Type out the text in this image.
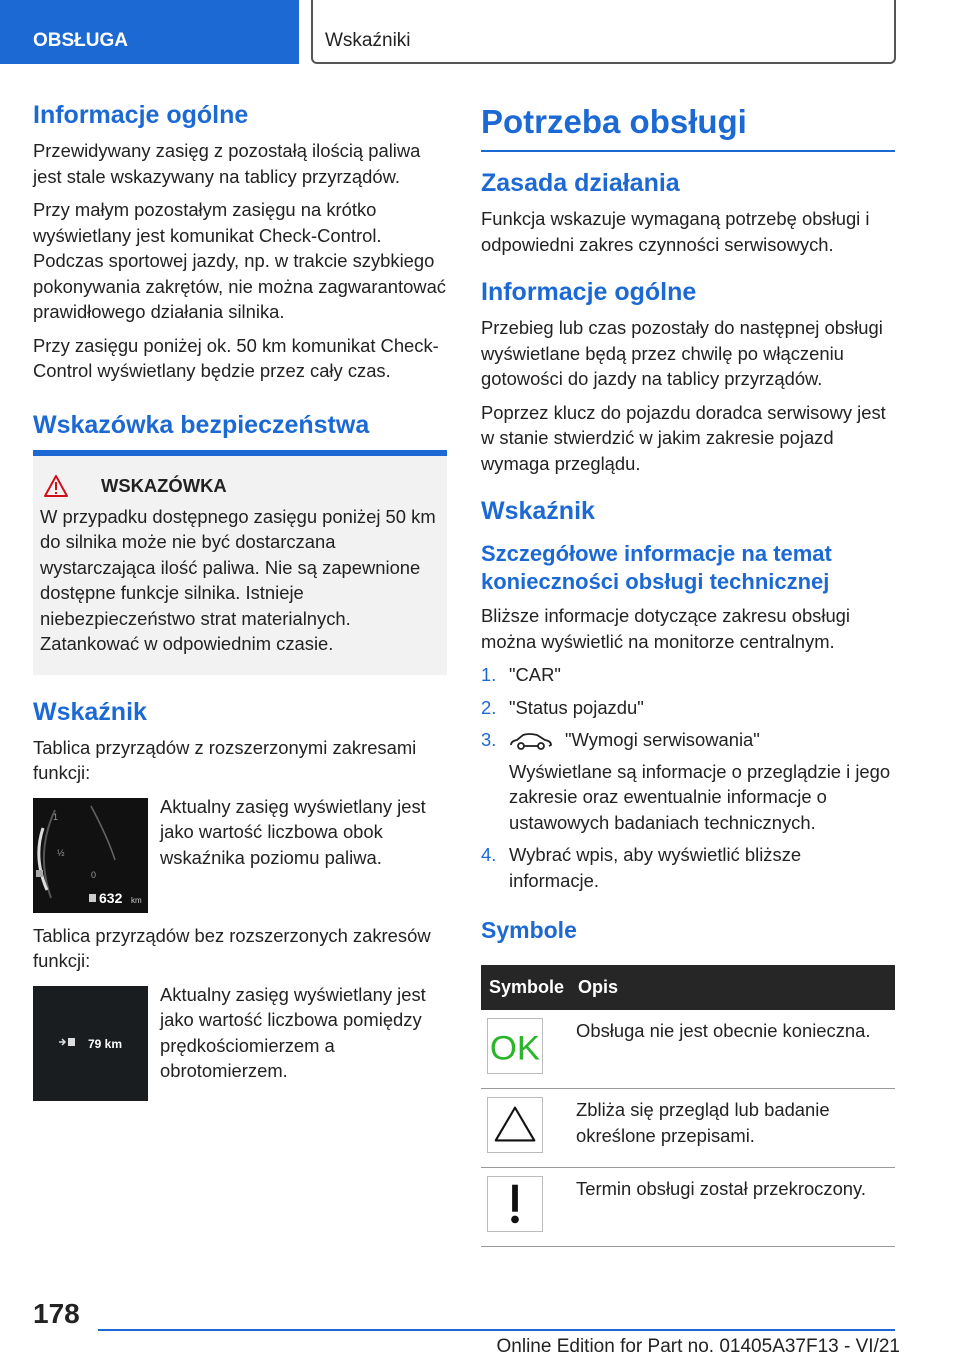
OBSŁUGA	Wskaźniki
Informacje ogólne

Przewidywany zasięg z pozostałą ilością paliwa jest stale wskazywany na tablicy przyrządów.

Przy małym pozostałym zasięgu na krótko wyświetlany jest komunikat Check-Control. Podczas sportowej jazdy, np. w trakcie szybkiego pokonywania zakrętów, nie można zagwarantować prawidłowego działania silnika.

Przy zasięgu poniżej ok. 50 km komunikat Check-Control wyświetlany będzie przez cały czas.

Wskazówka bezpieczeństwa
WSKAZÓWKA

W przypadku dostępnego zasięgu poniżej 50 km do silnika może nie być dostarczana wystarczająca ilość paliwa. Nie są zapewnione dostępne funkcje silnika. Istnieje niebezpieczeństwo strat materialnych. Zatankować w odpowiednim czasie.

Wskaźnik

Tablica przyrządów z rozszerzonymi zakresami funkcji:

1
½
0
632 km
Aktualny zasięg wyświetlany jest jako wartość liczbowa obok wskaźnika poziomu paliwa.

Tablica przyrządów bez rozszerzonych zakresów funkcji:

79 km
Aktualny zasięg wyświetlany jest jako wartość liczbowa pomiędzy prędkościomierzem a obrotomierzem.
Potrzeba obsługi
Zasada działania

Funkcja wskazuje wymaganą potrzebę obsługi i odpowiedni zakres czynności serwisowych.

Informacje ogólne

Przebieg lub czas pozostały do następnej obsługi wyświetlane będą przez chwilę po włączeniu gotowości do jazdy na tablicy przyrządów.

Poprzez klucz do pojazdu doradca serwisowy jest w stanie stwierdzić w jakim zakresie pojazd wymaga przeglądu.

Wskaźnik
Szczegółowe informacje na temat konieczności obsługi technicznej

Bliższe informacje dotyczące zakresu obsługi można wyświetlić na monitorze centralnym.

1. "CAR"
2. "Status pojazdu"
3.	"Wymogi serwisowania"
Wyświetlane są informacje o przeglądzie i jego zakresie oraz ewentualnie informacje o ustawowych badaniach technicznych.
4. Wybrać wpis, aby wyświetlić bliższe informacje.
Symbole
Symbole	Opis

OK	Obsługa nie jest obecnie konieczna.

	Zbliża się przegląd lub badanie określone przepisami.

	Termin obsługi został przekroczony.
178
Online Edition for Part no. 01405A37F13 - VI/21
